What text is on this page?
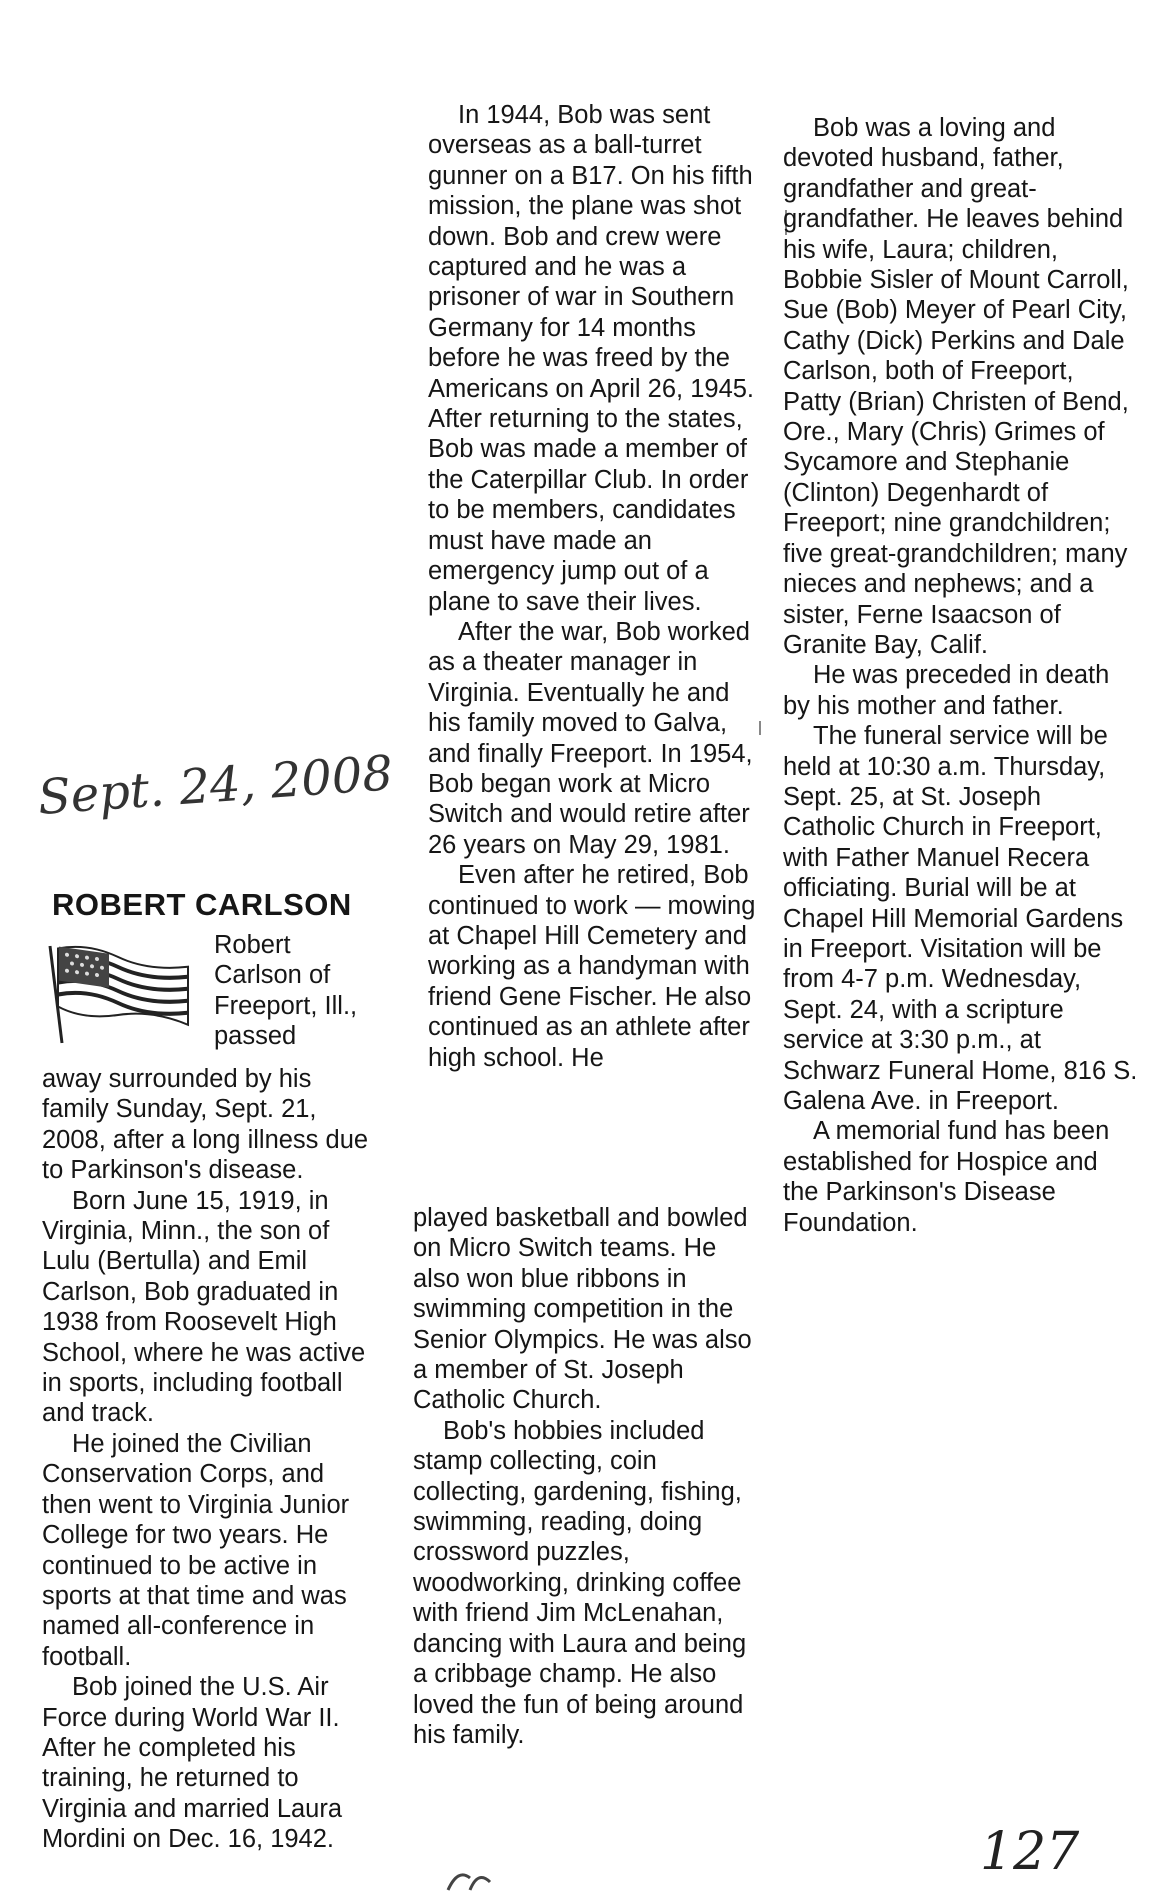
Sept. 24, 2008
ROBERT CARLSON
Robert Carlson of Freeport, Ill., passed

away surrounded by his family Sunday, Sept. 21, 2008, after a long illness due to Parkinson's disease.

Born June 15, 1919, in Virginia, Minn., the son of Lulu (Bertulla) and Emil Carlson, Bob graduated in 1938 from Roosevelt High School, where he was active in sports, including football and track.

He joined the Civilian Conservation Corps, and then went to Virginia Junior College for two years. He continued to be active in sports at that time and was named all-conference in football.

Bob joined the U.S. Air Force during World War II. After he completed his training, he returned to Virginia and married Laura Mordini on Dec. 16, 1942.

In 1944, Bob was sent overseas as a ball-turret gunner on a B17. On his fifth mission, the plane was shot down. Bob and crew were captured and he was a prisoner of war in Southern Germany for 14 months before he was freed by the Americans on April 26, 1945. After returning to the states, Bob was made a member of the Caterpillar Club. In order to be members, candidates must have made an emergency jump out of a plane to save their lives.

After the war, Bob worked as a theater manager in Virginia. Eventually he and his family moved to Galva, and finally Freeport. In 1954, Bob began work at Micro Switch and would retire after 26 years on May 29, 1981.

Even after he retired, Bob continued to work — mowing at Chapel Hill Cemetery and working as a handyman with friend Gene Fischer. He also continued as an athlete after high school. He

played basketball and bowled on Micro Switch teams. He also won blue ribbons in swimming competition in the Senior Olympics. He was also a member of St. Joseph Catholic Church.

Bob's hobbies included stamp collecting, coin collecting, gardening, fishing, swimming, reading, doing crossword puzzles, woodworking, drinking coffee with friend Jim McLenahan, dancing with Laura and being a cribbage champ. He also loved the fun of being around his family.

Bob was a loving and devoted husband, father, grandfather and great-grandfather. He leaves behind his wife, Laura; children, Bobbie Sisler of Mount Carroll, Sue (Bob) Meyer of Pearl City, Cathy (Dick) Perkins and Dale Carlson, both of Freeport, Patty (Brian) Christen of Bend, Ore., Mary (Chris) Grimes of Sycamore and Stephanie (Clinton) Degenhardt of Freeport; nine grandchildren; five great-grandchildren; many nieces and nephews; and a sister, Ferne Isaacson of Granite Bay, Calif.

He was preceded in death by his mother and father.

The funeral service will be held at 10:30 a.m. Thursday, Sept. 25, at St. Joseph Catholic Church in Freeport, with Father Manuel Recera officiating. Burial will be at Chapel Hill Memorial Gardens in Freeport. Visitation will be from 4-7 p.m. Wednesday, Sept. 24, with a scripture service at 3:30 p.m., at Schwarz Funeral Home, 816 S. Galena Ave. in Freeport.

A memorial fund has been established for Hospice and the Parkinson's Disease Foundation.

127
